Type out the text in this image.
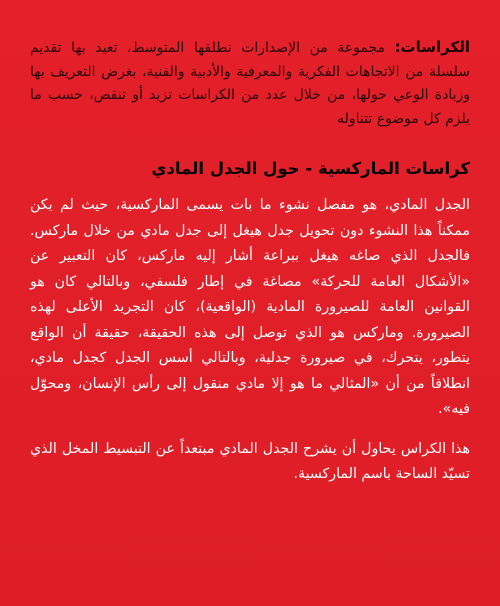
الكراسات: مجموعة من الإصدارات نطلقها المتوسط، تعيد بها تقديم سلسلة من الاتجاهات الفكرية والمعرفية والأدبية والفنية، بغرض التعريف بها وزيادة الوعي حولها، من خلال عدد من الكراسات تزيد أو تنقص، حسب ما يلزم كل موضوع تتناوله

كراسات الماركسية - حول الجدل المادي

الجدل المادي، هو مفصل نشوء ما بات يسمى الماركسية، حيث لم يكن ممكناً هذا النشوء دون تحويل جدل هيغل إلى جدل مادي من خلال ماركس. فالجدل الذي صاغه هيغل ببراعة أشار إليه ماركس، كان التعبير عن «الأشكال العامة للحركة» مصاغة في إطار فلسفي، وبالتالي كان هو القوانين العامة للصيرورة المادية (الواقعية)، كان التجريد الأعلى لهذه الصيرورة. وماركس هو الذي توصل إلى هذه الحقيقة، حقيقة أن الواقع يتطور، يتحرك، في صيرورة جدلية، وبالتالي أسس الجدل كجدل مادي، انطلاقاً من أن «المثالي ما هو إلا مادي منقول إلى رأس الإنسان، ومحوّل فيه».

هذا الكراس يحاول أن يشرح الجدل المادي مبتعداً عن التبسيط المخل الذي تسيّد الساحة باسم الماركسية.
